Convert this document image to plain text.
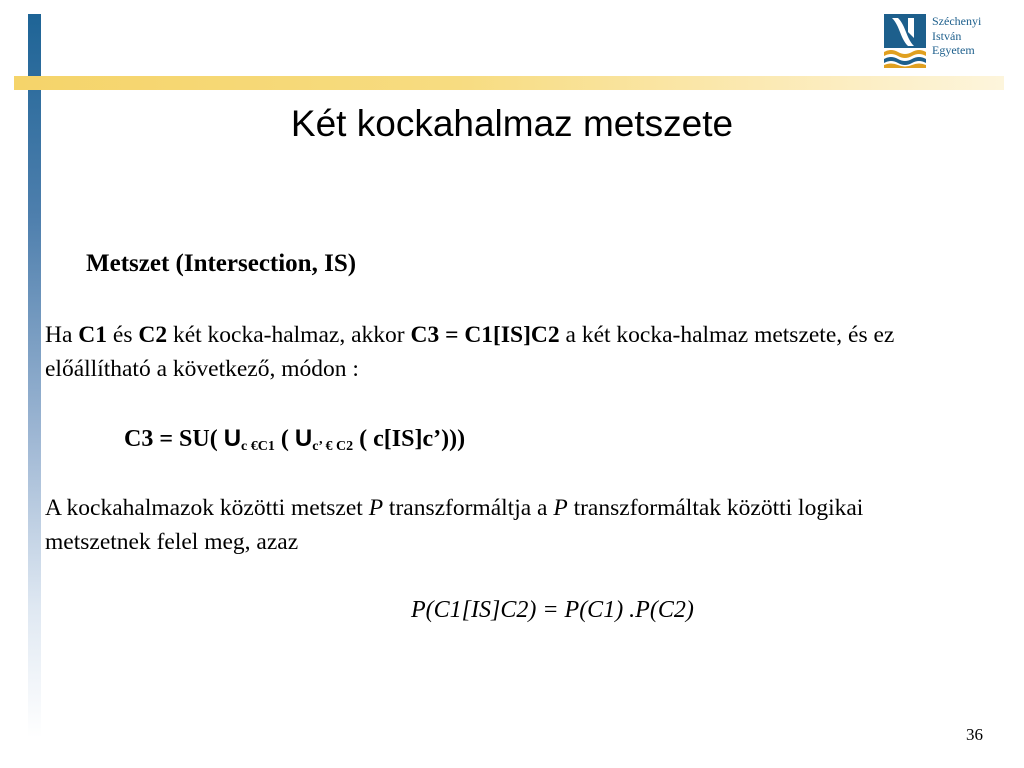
Széchenyi
István
Egyetem
Két kockahalmaz metszete
Metszet (Intersection, IS)
Ha C1 és C2 két kocka-halmaz, akkor C3 = C1[IS]C2 a két kocka-halmaz metszete, és ez
előállítható a következő, módon :
C3 = SU( $U_{c €C1}$ ( $U_{c’ € C2}$ ( c[IS]c’)))
A kockahalmazok közötti metszet P transzformáltja a P transzformáltak közötti logikai
metszetnek felel meg, azaz
P(C1[IS]C2) = P(C1) .P(C2)
36
